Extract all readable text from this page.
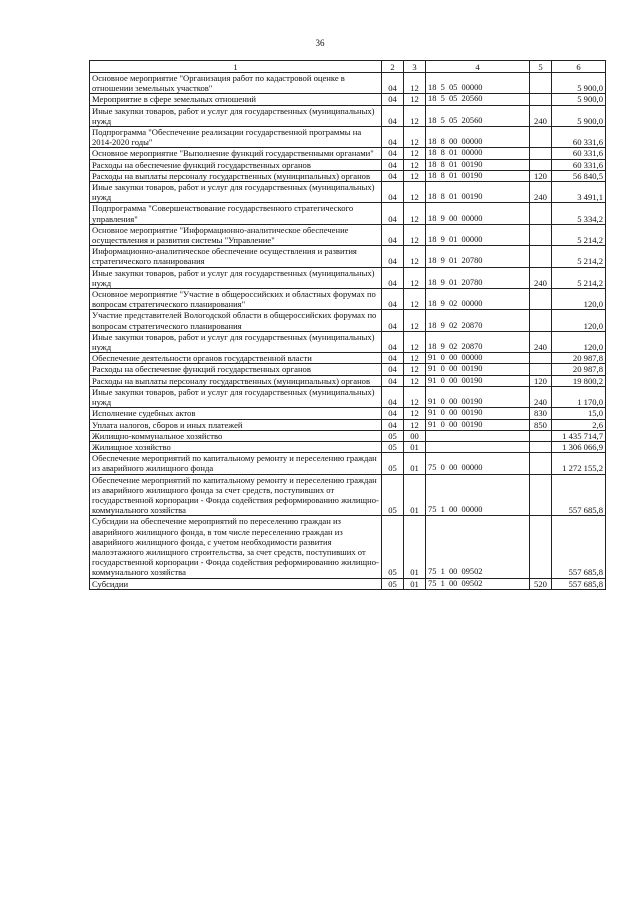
36
1	2	3	4	5	6
Основное мероприятие "Организация работ по кадастровой оценке в отношении земельных участков"	04	12	18  5  05  00000		5 900,0
Мероприятие в сфере земельных отношений	04	12	18  5  05  20560		5 900,0
Иные закупки товаров, работ и услуг для государственных (муниципальных) нужд	04	12	18  5  05  20560	240	5 900,0
Подпрограмма "Обеспечение реализации государственной программы на 2014-2020 годы"	04	12	18  8  00  00000		60 331,6
Основное мероприятие "Выполнение функций государственными органами"	04	12	18  8  01  00000		60 331,6
Расходы на обеспечение функций государственных органов	04	12	18  8  01  00190		60 331,6
Расходы на выплаты персоналу государственных (муниципальных) органов	04	12	18  8  01  00190	120	56 840,5
Иные закупки товаров, работ и услуг для государственных (муниципальных) нужд	04	12	18  8  01  00190	240	3 491,1
Подпрограмма "Совершенствование государственного стратегического управления"	04	12	18  9  00  00000		5 334,2
Основное мероприятие "Информационно-аналитическое обеспечение осуществления и развития системы "Управление"	04	12	18  9  01  00000		5 214,2
Информационно-аналитическое обеспечение осуществления и развития стратегического планирования	04	12	18  9  01  20780		5 214,2
Иные закупки товаров, работ и услуг для государственных (муниципальных) нужд	04	12	18  9  01  20780	240	5 214,2
Основное мероприятие "Участие в общероссийских и областных форумах по вопросам стратегического планирования"	04	12	18  9  02  00000		120,0
Участие представителей Вологодской области в общероссийских форумах по вопросам стратегического планирования	04	12	18  9  02  20870		120,0
Иные закупки товаров, работ и услуг для государственных (муниципальных) нужд	04	12	18  9  02  20870	240	120,0
Обеспечение деятельности органов государственной власти	04	12	91  0  00  00000		20 987,8
Расходы на обеспечение функций государственных органов	04	12	91  0  00  00190		20 987,8
Расходы на выплаты персоналу государственных (муниципальных) органов	04	12	91  0  00  00190	120	19 800,2
Иные закупки товаров, работ и услуг для государственных (муниципальных) нужд	04	12	91  0  00  00190	240	1 170,0
Исполнение судебных актов	04	12	91  0  00  00190	830	15,0
Уплата налогов, сборов и иных платежей	04	12	91  0  00  00190	850	2,6
Жилищно-коммунальное хозяйство	05	00			1 435 714,7
Жилищное хозяйство	05	01			1 306 066,9
Обеспечение мероприятий по капитальному ремонту и переселению граждан из аварийного жилищного фонда	05	01	75  0  00  00000		1 272 155,2
Обеспечение мероприятий по капитальному ремонту и переселению граждан из аварийного жилищного фонда за счет средств, поступивших от государственной корпорации - Фонда содействия реформированию жилищно-коммунального хозяйства	05	01	75  1  00  00000		557 685,8
Субсидии на обеспечение мероприятий по переселению граждан из аварийного жилищного фонда, в том числе переселению граждан из аварийного жилищного фонда, с учетом необходимости развития малоэтажного жилищного строительства, за счет средств, поступивших от государственной корпорации - Фонда содействия реформированию жилищно-коммунального хозяйства	05	01	75  1  00  09502		557 685,8
Субсидии	05	01	75  1  00  09502	520	557 685,8
